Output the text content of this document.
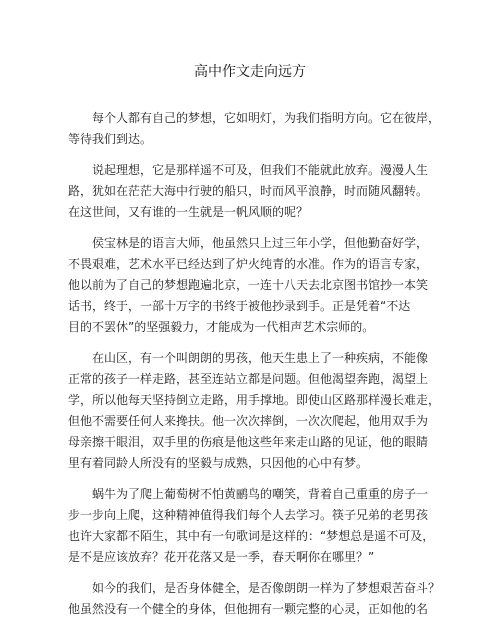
高中作文走向远方

每个人都有自己的梦想，它如明灯，为我们指明方向。它在彼岸，
等待我们到达。

说起理想，它是那样遥不可及，但我们不能就此放弃。漫漫人生
路，犹如在茫茫大海中行驶的船只，时而风平浪静，时而随风翻转。
在这世间，又有谁的一生就是一帆风顺的呢？

侯宝林是的语言大师，他虽然只上过三年小学，但他勤奋好学，
不畏艰难，艺术水平已经达到了炉火纯青的水准。作为的语言专家，
他以前为了自己的梦想跑遍北京，一连十八天去北京图书馆抄一本笑
话书，终于，一部十万字的书终于被他抄录到手。正是凭着“不达
目的不罢休”的坚强毅力，才能成为一代相声艺术宗师的。

在山区，有一个叫朗朗的男孩，他天生患上了一种疾病，不能像
正常的孩子一样走路，甚至连站立都是问题。但他渴望奔跑，渴望上
学，所以他每天坚持倒立走路，用手撑地。即使山区路那样漫长难走，
但他不需要任何人来搀扶。他一次次摔倒，一次次爬起，他用双手为
母亲擦干眼泪，双手里的伤痕是他这些年来走山路的见证，他的眼睛
里有着同龄人所没有的坚毅与成熟，只因他的心中有梦。

蜗牛为了爬上葡萄树不怕黄鹂鸟的嘲笑，背着自己重重的房子一
步一步向上爬，这种精神值得我们每个人去学习。筷子兄弟的老男孩
也许大家都不陌生，其中有一句歌词是这样的：“梦想总是遥不可及，
是不是应该放弃？花开花落又是一季，春天啊你在哪里？”

如今的我们，是否身体健全，是否像朗朗一样为了梦想艰苦奋斗？
他虽然没有一个健全的身体，但他拥有一颗完整的心灵，正如他的名
